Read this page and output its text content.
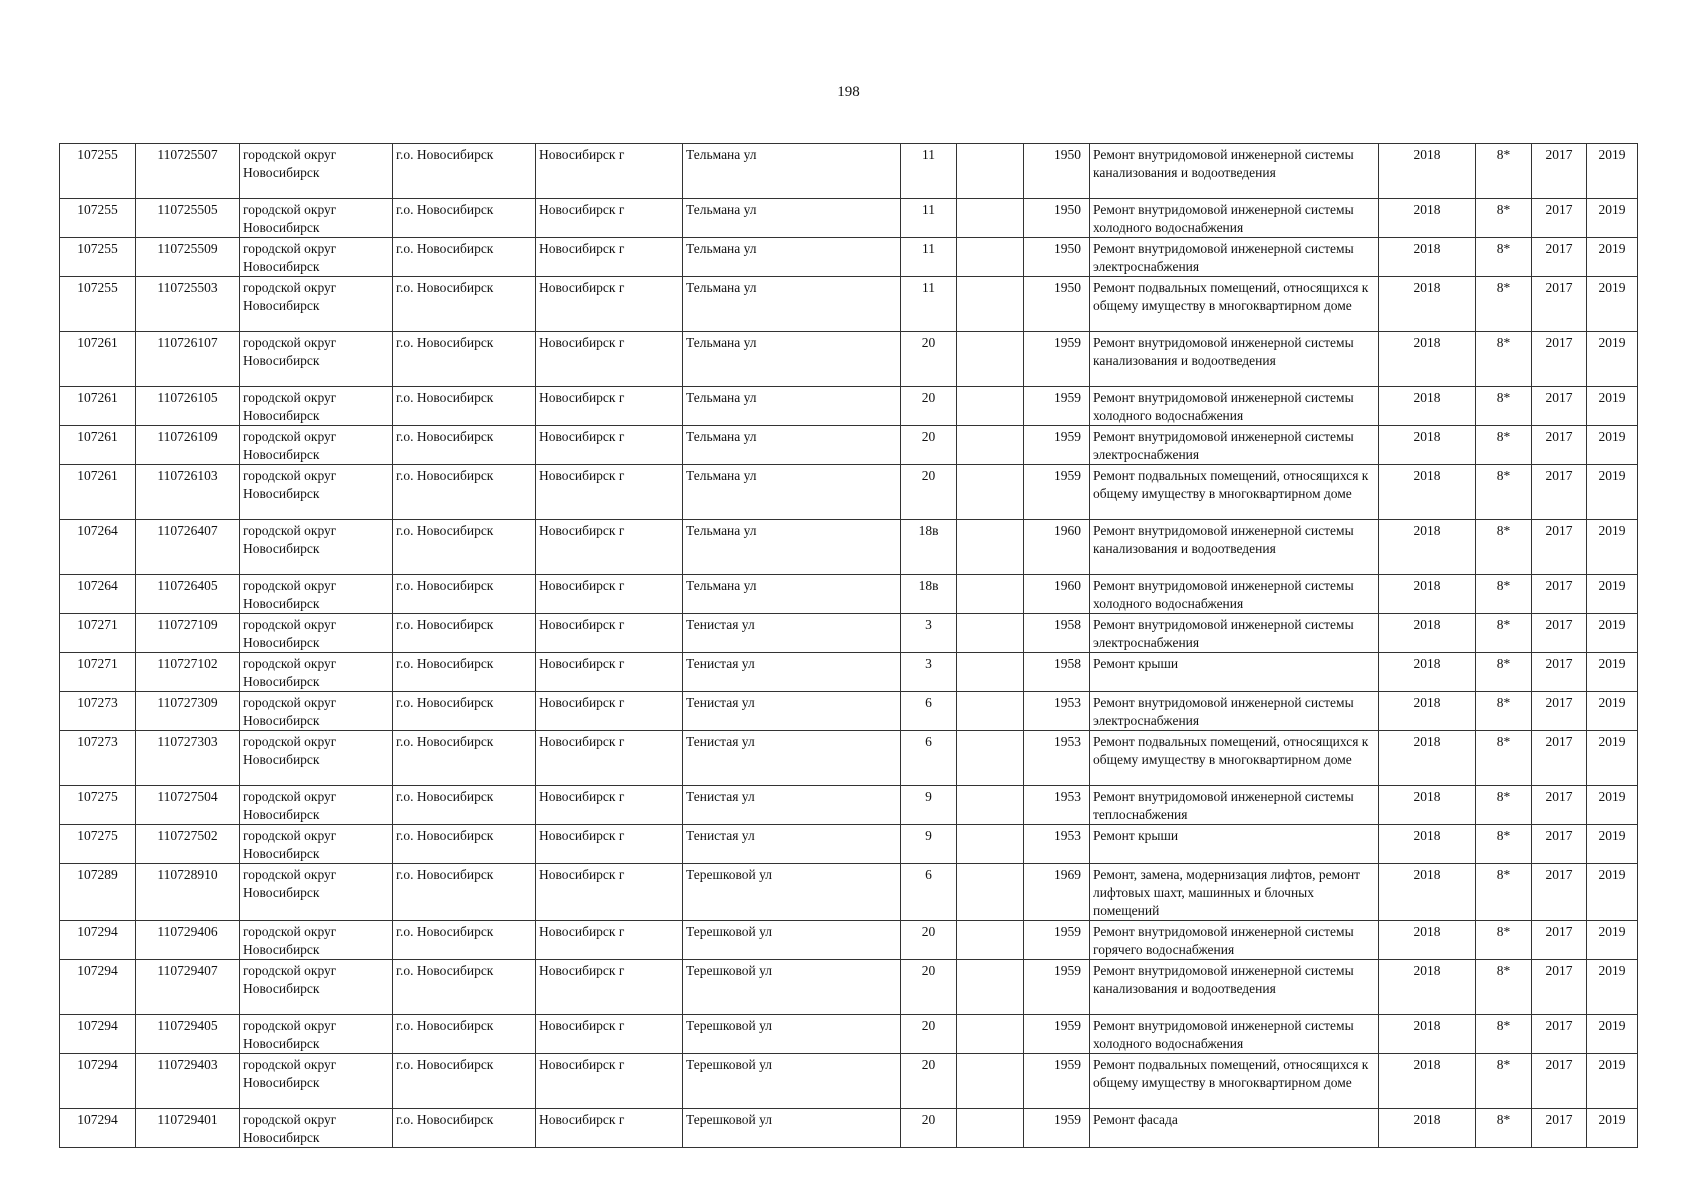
198
107255	110725507	городской округ Новосибирск	г.о. Новосибирск	Новосибирск г	Тельмана ул	11		1950	Ремонт внутридомовой инженерной системы канализования и водоотведения	2018	8*	2017	2019
107255	110725505	городской округ Новосибирск	г.о. Новосибирск	Новосибирск г	Тельмана ул	11		1950	Ремонт внутридомовой инженерной системы холодного водоснабжения	2018	8*	2017	2019
107255	110725509	городской округ Новосибирск	г.о. Новосибирск	Новосибирск г	Тельмана ул	11		1950	Ремонт внутридомовой инженерной системы электроснабжения	2018	8*	2017	2019
107255	110725503	городской округ Новосибирск	г.о. Новосибирск	Новосибирск г	Тельмана ул	11		1950	Ремонт подвальных помещений, относящихся к общему имуществу в многоквартирном доме	2018	8*	2017	2019
107261	110726107	городской округ Новосибирск	г.о. Новосибирск	Новосибирск г	Тельмана ул	20		1959	Ремонт внутридомовой инженерной системы канализования и водоотведения	2018	8*	2017	2019
107261	110726105	городской округ Новосибирск	г.о. Новосибирск	Новосибирск г	Тельмана ул	20		1959	Ремонт внутридомовой инженерной системы холодного водоснабжения	2018	8*	2017	2019
107261	110726109	городской округ Новосибирск	г.о. Новосибирск	Новосибирск г	Тельмана ул	20		1959	Ремонт внутридомовой инженерной системы электроснабжения	2018	8*	2017	2019
107261	110726103	городской округ Новосибирск	г.о. Новосибирск	Новосибирск г	Тельмана ул	20		1959	Ремонт подвальных помещений, относящихся к общему имуществу в многоквартирном доме	2018	8*	2017	2019
107264	110726407	городской округ Новосибирск	г.о. Новосибирск	Новосибирск г	Тельмана ул	18в		1960	Ремонт внутридомовой инженерной системы канализования и водоотведения	2018	8*	2017	2019
107264	110726405	городской округ Новосибирск	г.о. Новосибирск	Новосибирск г	Тельмана ул	18в		1960	Ремонт внутридомовой инженерной системы холодного водоснабжения	2018	8*	2017	2019
107271	110727109	городской округ Новосибирск	г.о. Новосибирск	Новосибирск г	Тенистая ул	3		1958	Ремонт внутридомовой инженерной системы электроснабжения	2018	8*	2017	2019
107271	110727102	городской округ Новосибирск	г.о. Новосибирск	Новосибирск г	Тенистая ул	3		1958	Ремонт крыши	2018	8*	2017	2019
107273	110727309	городской округ Новосибирск	г.о. Новосибирск	Новосибирск г	Тенистая ул	6		1953	Ремонт внутридомовой инженерной системы электроснабжения	2018	8*	2017	2019
107273	110727303	городской округ Новосибирск	г.о. Новосибирск	Новосибирск г	Тенистая ул	6		1953	Ремонт подвальных помещений, относящихся к общему имуществу в многоквартирном доме	2018	8*	2017	2019
107275	110727504	городской округ Новосибирск	г.о. Новосибирск	Новосибирск г	Тенистая ул	9		1953	Ремонт внутридомовой инженерной системы теплоснабжения	2018	8*	2017	2019
107275	110727502	городской округ Новосибирск	г.о. Новосибирск	Новосибирск г	Тенистая ул	9		1953	Ремонт крыши	2018	8*	2017	2019
107289	110728910	городской округ Новосибирск	г.о. Новосибирск	Новосибирск г	Терешковой ул	6		1969	Ремонт, замена, модернизация лифтов, ремонт лифтовых шахт, машинных и блочных помещений	2018	8*	2017	2019
107294	110729406	городской округ Новосибирск	г.о. Новосибирск	Новосибирск г	Терешковой ул	20		1959	Ремонт внутридомовой инженерной системы горячего водоснабжения	2018	8*	2017	2019
107294	110729407	городской округ Новосибирск	г.о. Новосибирск	Новосибирск г	Терешковой ул	20		1959	Ремонт внутридомовой инженерной системы канализования и водоотведения	2018	8*	2017	2019
107294	110729405	городской округ Новосибирск	г.о. Новосибирск	Новосибирск г	Терешковой ул	20		1959	Ремонт внутридомовой инженерной системы холодного водоснабжения	2018	8*	2017	2019
107294	110729403	городской округ Новосибирск	г.о. Новосибирск	Новосибирск г	Терешковой ул	20		1959	Ремонт подвальных помещений, относящихся к общему имуществу в многоквартирном доме	2018	8*	2017	2019
107294	110729401	городской округ Новосибирск	г.о. Новосибирск	Новосибирск г	Терешковой ул	20		1959	Ремонт фасада	2018	8*	2017	2019
